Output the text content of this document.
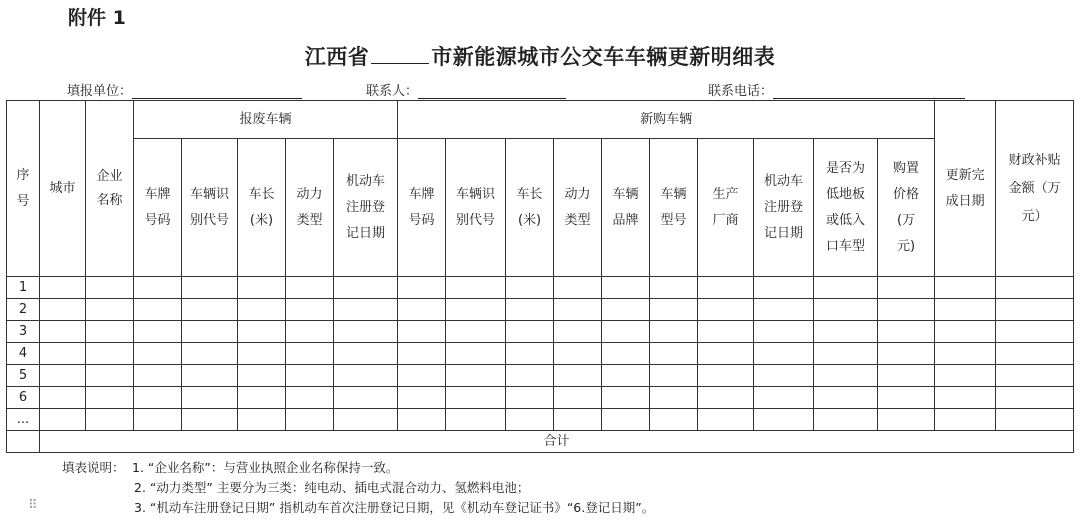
附件 1
江西省	市新能源城市公交车车辆更新明细表
填报单位：	联系人：	联系电话：
序号	城市	企业名称	报废车辆					新购车辆										更新完成日期	财政补贴金额（万元）

			车牌号码	车辆识别代号	车长(米)	动力类型	机动车注册登记日期	车牌号码	车辆识别代号	车长(米)	动力类型	车辆品牌	车辆型号	生产厂商	机动车注册登记日期	是否为低地板或低入口车型	购置价格(万元)		

1																			
2																			
3																			
4																			
5																			
6																			
...																			
	合计																		
填表说明： 1. “企业名称”：与营业执照企业名称保持一致。
2. “动力类型” 主要分为三类：纯电动、插电式混合动力、氢燃料电池；
3. “机动车注册登记日期” 指机动车首次注册登记日期，见《机动车登记证书》“6.登记日期”。
⠿
